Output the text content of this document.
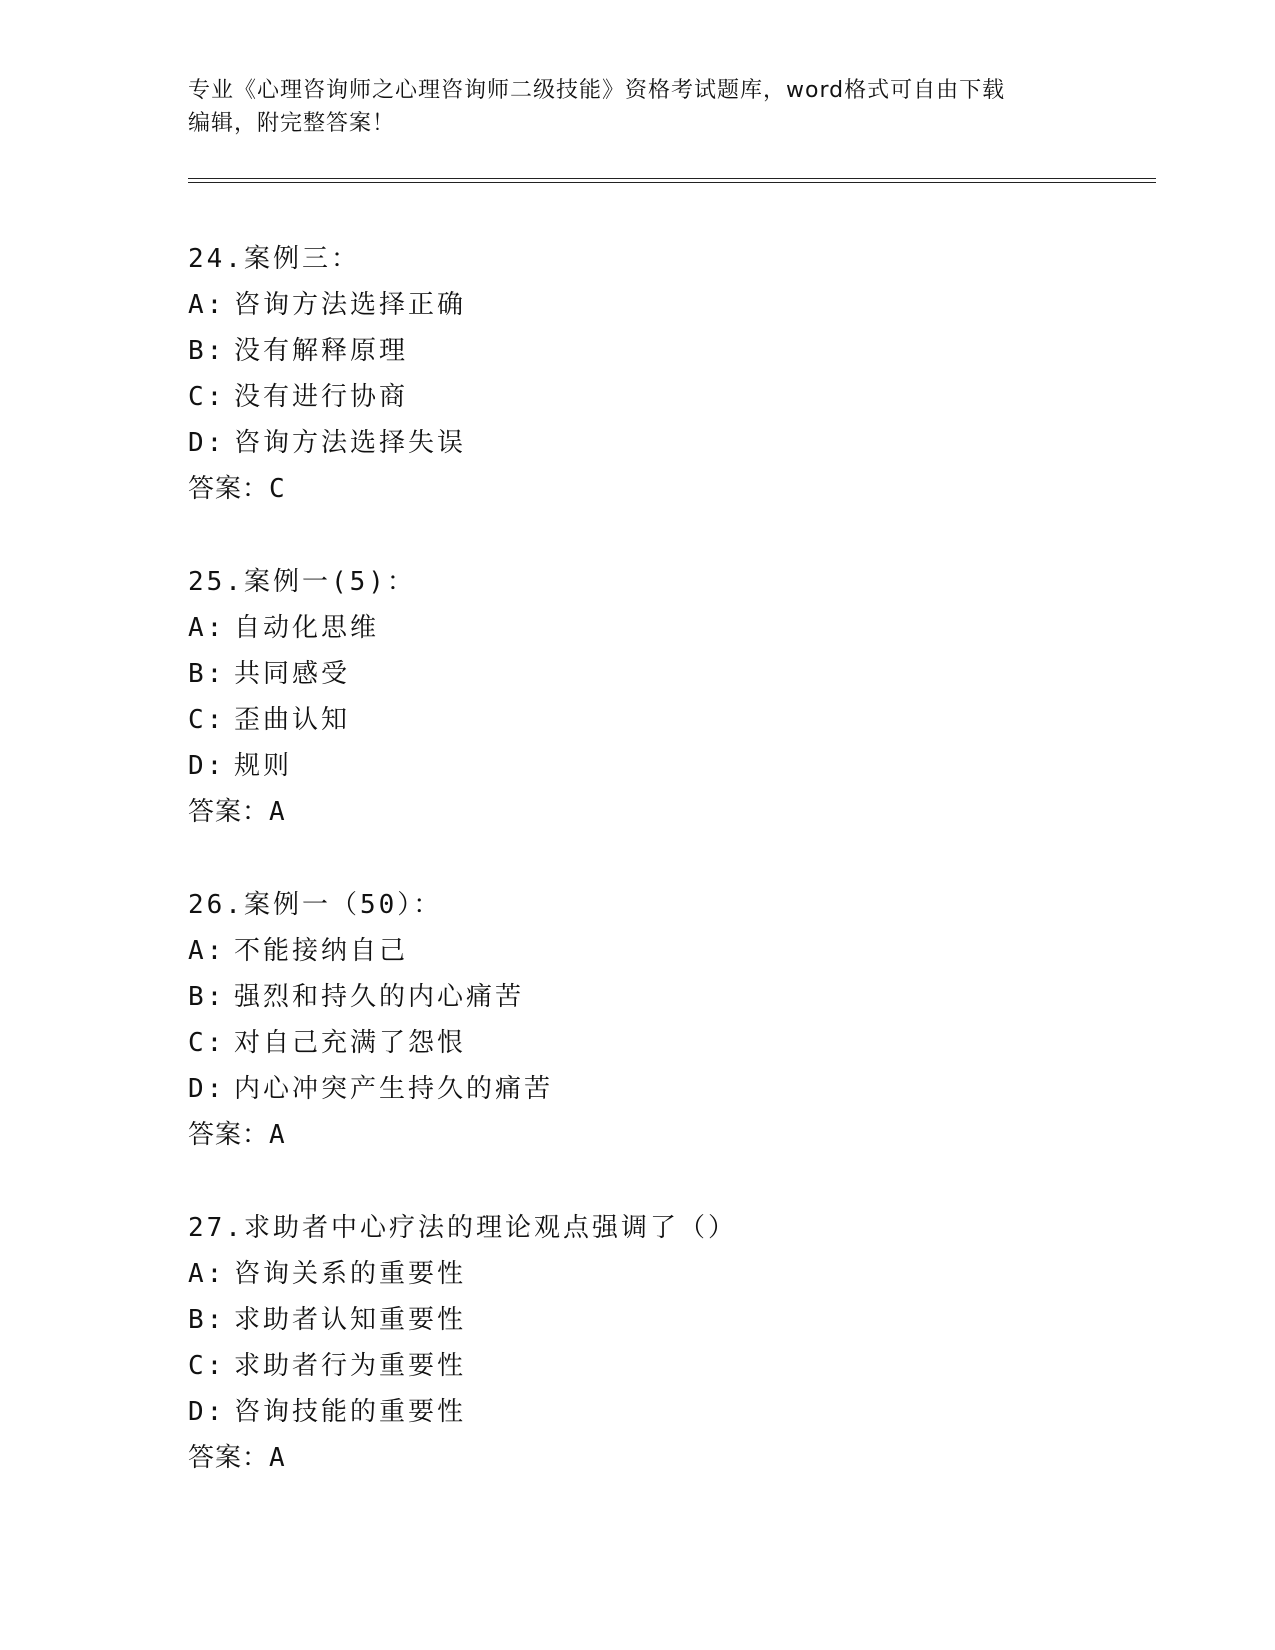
专业《心理咨询师之心理咨询师二级技能》资格考试题库，word格式可自由下载
编辑，附完整答案！
24.案例三：
A: 咨询方法选择正确
B: 没有解释原理
C: 没有进行协商
D: 咨询方法选择失误
答案：C
25.案例一(5)：
A: 自动化思维
B: 共同感受
C: 歪曲认知
D: 规则
答案：A
26.案例一（50）：
A: 不能接纳自己
B: 强烈和持久的内心痛苦
C: 对自己充满了怨恨
D: 内心冲突产生持久的痛苦
答案：A
27.求助者中心疗法的理论观点强调了（）
A: 咨询关系的重要性
B: 求助者认知重要性
C: 求助者行为重要性
D: 咨询技能的重要性
答案：A
